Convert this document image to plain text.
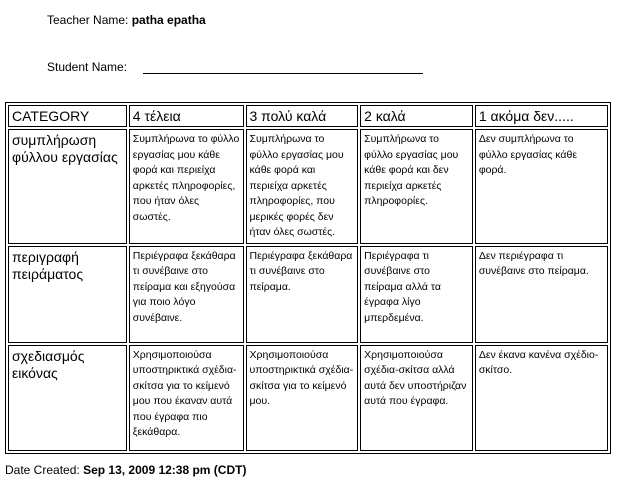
Teacher Name: patha epatha
Student Name:
CATEGORY	4 τέλεια	3 πολύ καλά	2 καλά	1 ακόμα δεν.....
συμπλήρωση φύλλου εργασίας	Συμπλήρωνα το φύλλο εργασίας μου κάθε φορά και περιείχα αρκετές πληροφορίες, που ήταν όλες σωστές.	Συμπλήρωνα το φύλλο εργασίας μου κάθε φορά και περιείχα αρκετές πληροφορίες, που μερικές φορές δεν ήταν όλες σωστές.	Συμπλήρωνα το φύλλο εργασίας μου κάθε φορά και δεν περιείχα αρκετές πληροφορίες.	Δεν συμπλήρωνα το φύλλο εργασίας κάθε φορά.
περιγραφή πειράματος	Περιέγραφα ξεκάθαρα τι συνέβαινε στο πείραμα και εξηγούσα για ποιο λόγο συνέβαινε.	Περιέγραφα ξεκάθαρα τι συνέβαινε στο πείραμα.	Περιέγραφα τι συνέβαινε στο πείραμα αλλά τα έγραφα λίγο μπερδεμένα.	Δεν περιέγραφα τι συνέβαινε στο πείραμα.
σχεδιασμός εικόνας	Χρησιμοποιούσα υποστηρικτικά σχέδια-σκίτσα για το κείμενό μου που έκαναν αυτά που έγραφα πιο ξεκάθαρα.	Χρησιμοποιούσα υποστηρικτικά σχέδια-σκίτσα για το κείμενό μου.	Χρησιμοποιούσα σχέδια-σκίτσα αλλά αυτά δεν υποστήριζαν αυτά που έγραφα.	Δεν έκανα κανένα σχέδιο-σκίτσο.
Date Created: Sep 13, 2009 12:38 pm (CDT)
